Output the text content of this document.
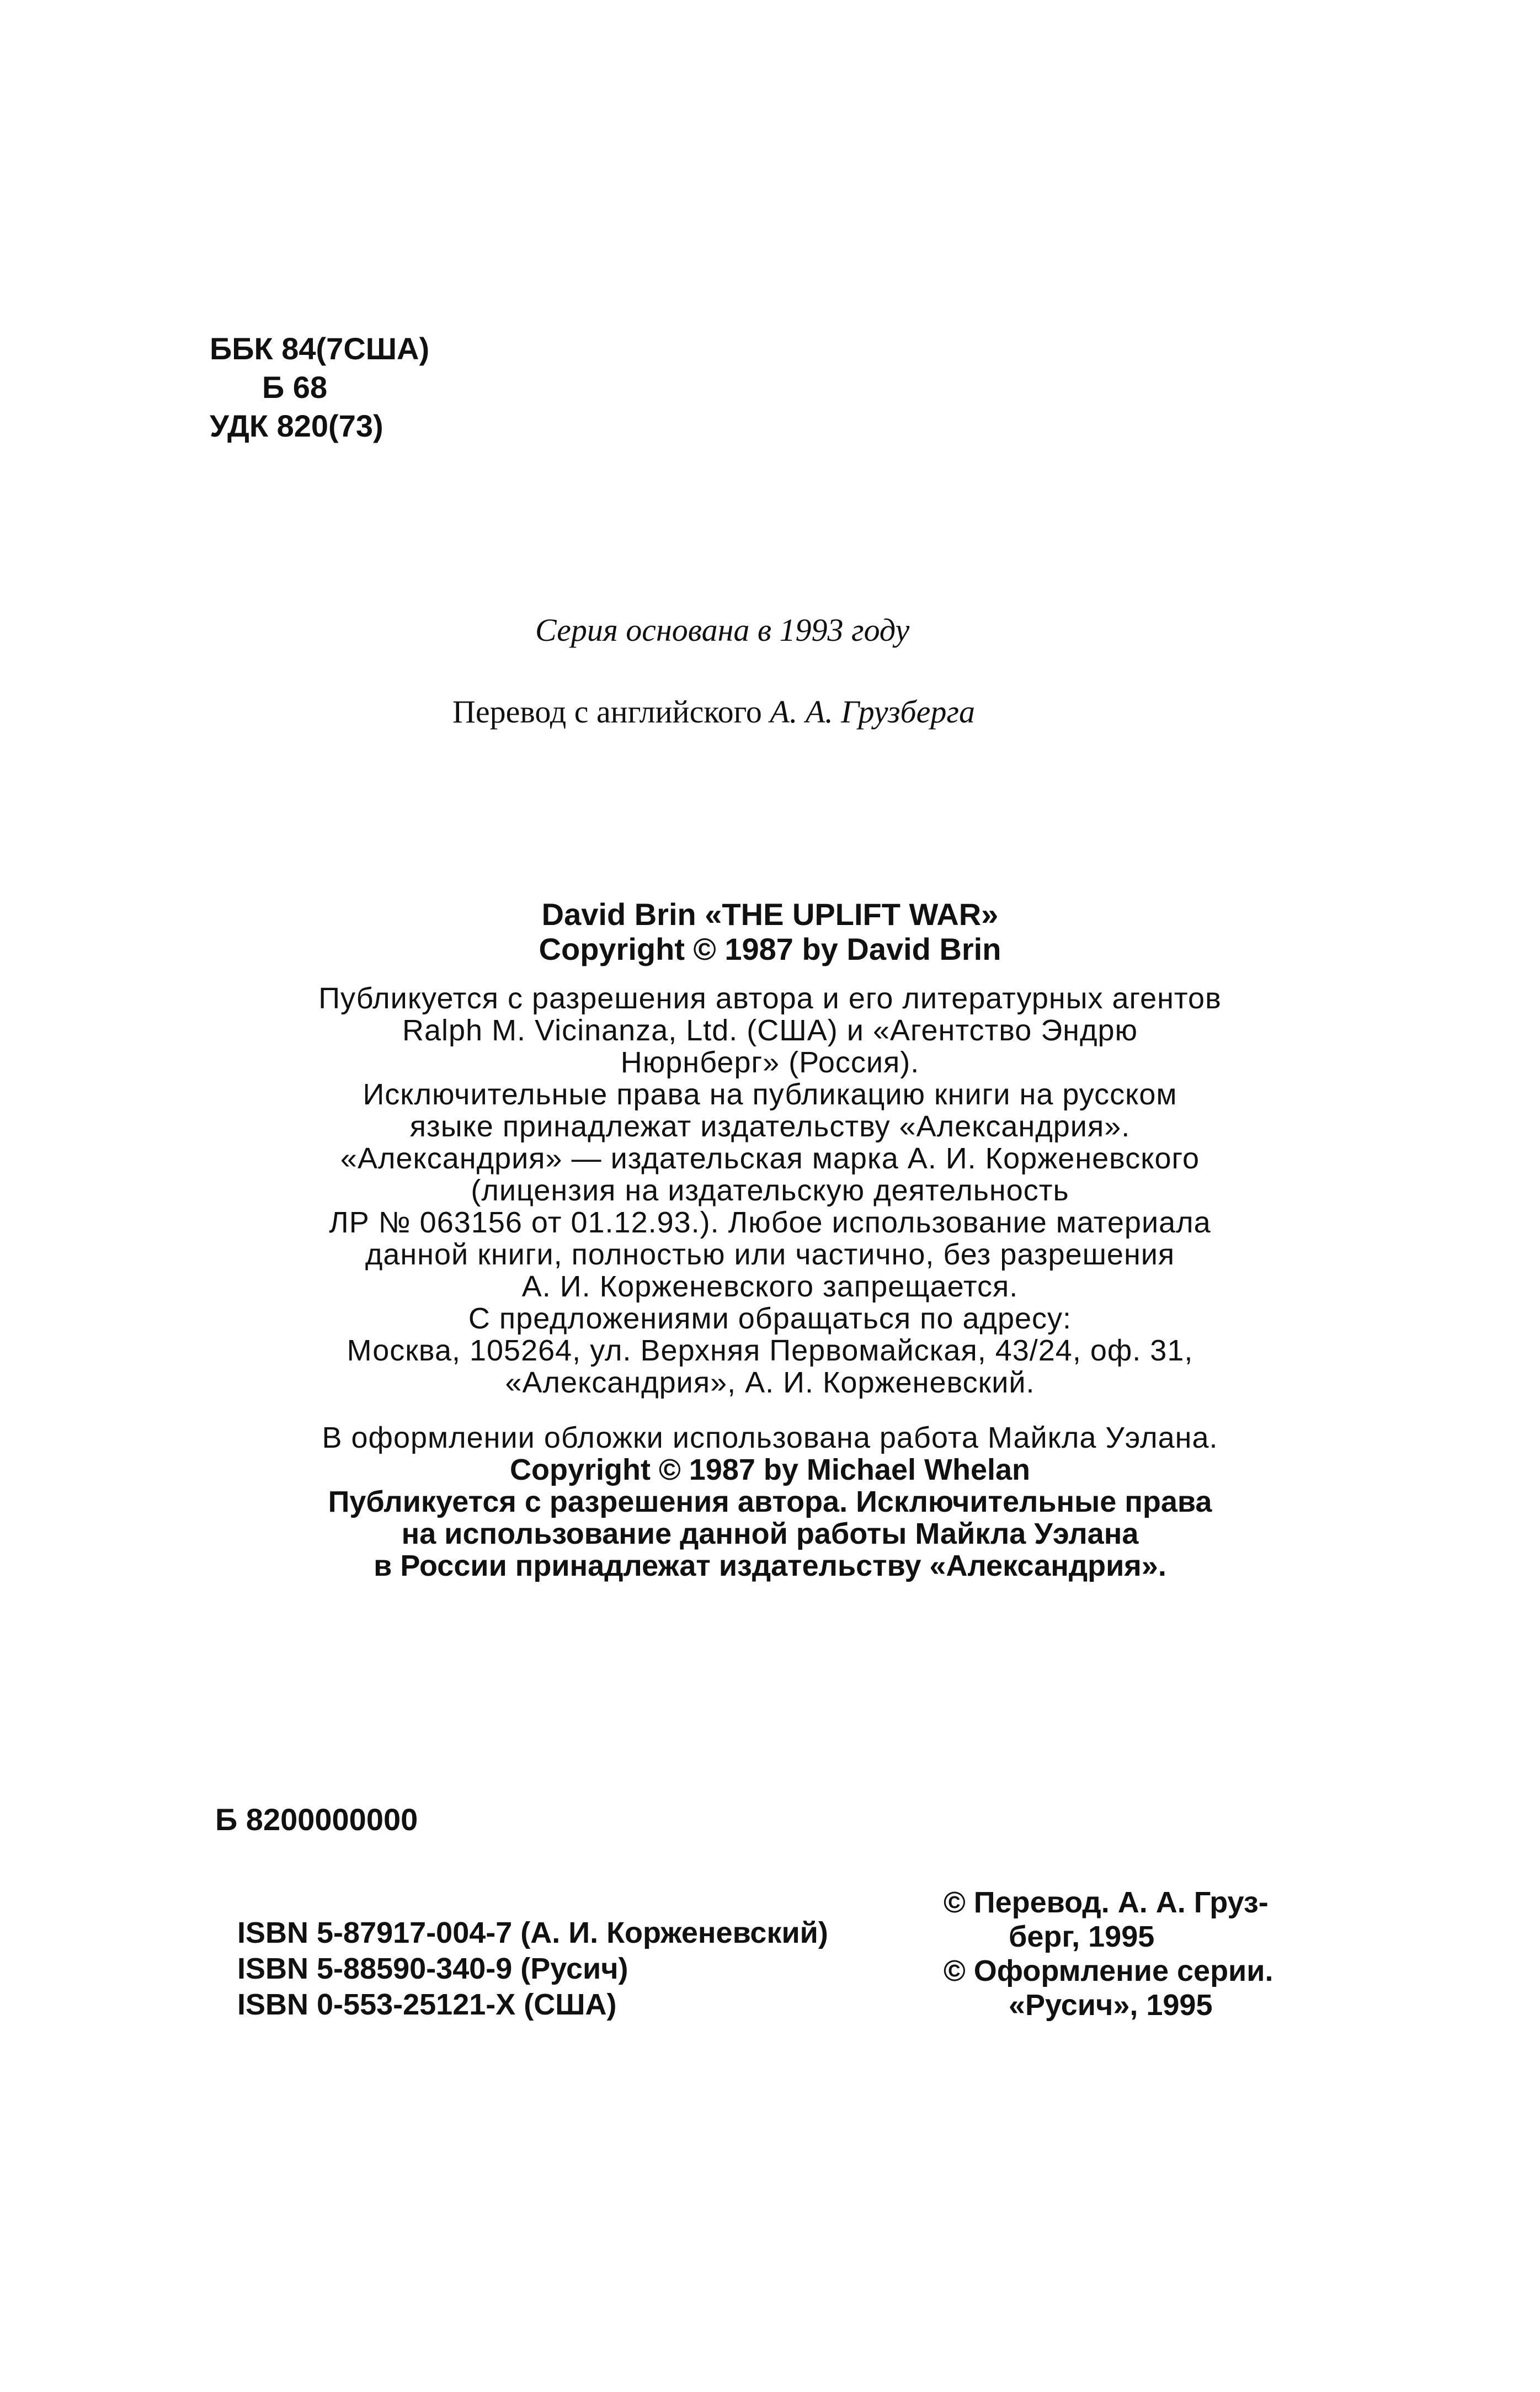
ББК 84(7США)
Б 68
УДК 820(73)
Серия основана в 1993 году
Перевод с английского А. А. Грузберга
David Brin «THE UPLIFT WAR»
Copyright © 1987 by David Brin
Публикуется с разрешения автора и его литературных агентов
Ralph M. Vicinanza, Ltd. (США) и «Агентство Эндрю
Нюрнберг» (Россия).
Исключительные права на публикацию книги на русском
языке принадлежат издательству «Александрия».
«Александрия» — издательская марка А. И. Корженевского
(лицензия на издательскую деятельность
ЛР № 063156 от 01.12.93.). Любое использование материала
данной книги, полностью или частично, без разрешения
А. И. Корженевского запрещается.
С предложениями обращаться по адресу:
Москва, 105264, ул. Верхняя Первомайская, 43/24, оф. 31,
«Александрия», А. И. Корженевский.
В оформлении обложки использована работа Майкла Уэлана.
Copyright © 1987 by Michael Whelan
Публикуется с разрешения автора. Исключительные права
на использование данной работы Майкла Уэлана
в России принадлежат издательству «Александрия».
Б 8200000000
ISBN 5-87917-004-7 (А. И. Корженевский)
ISBN 5-88590-340-9 (Русич)
ISBN 0-553-25121-X (США)
© Перевод. А. А. Груз-
берг, 1995
© Оформление серии.
«Русич», 1995
